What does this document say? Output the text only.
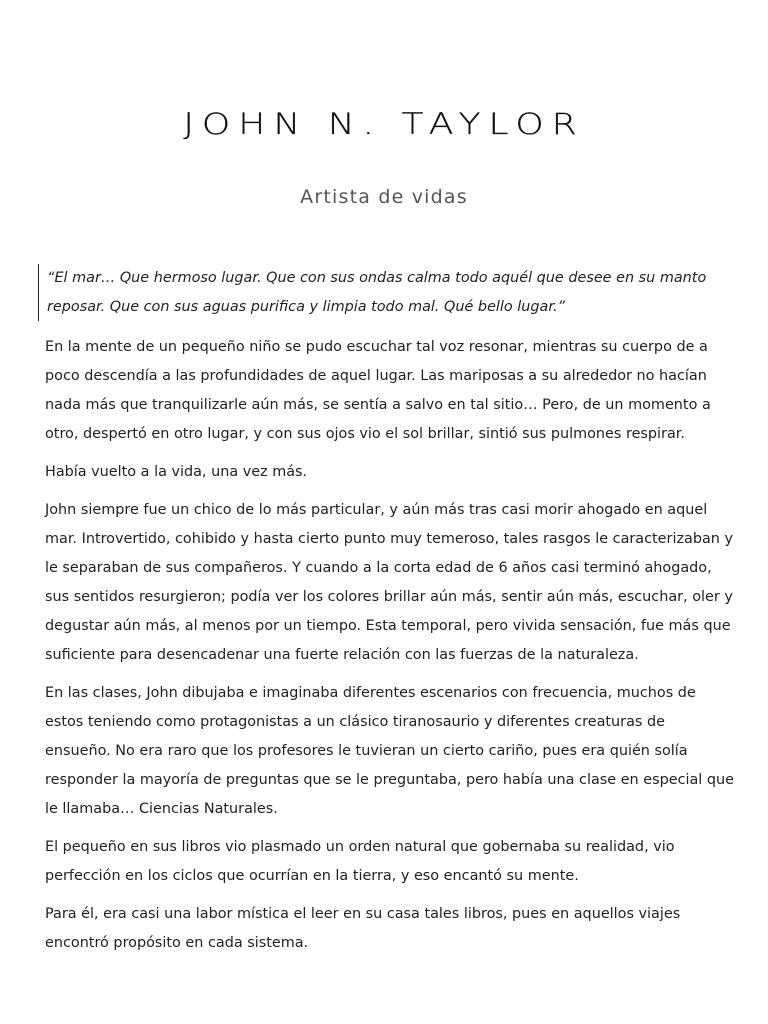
JOHN N. TAYLOR
Artista de vidas

“El mar… Que hermoso lugar. Que con sus ondas calma todo aquél que desee en su manto reposar. Que con sus aguas purifica y limpia todo mal. Qué bello lugar.”

En la mente de un pequeño niño se pudo escuchar tal voz resonar, mientras su cuerpo de a poco descendía a las profundidades de aquel lugar. Las mariposas a su alrededor no hacían nada más que tranquilizarle aún más, se sentía a salvo en tal sitio… Pero, de un momento a otro, despertó en otro lugar, y con sus ojos vio el sol brillar, sintió sus pulmones respirar.

Había vuelto a la vida, una vez más.

John siempre fue un chico de lo más particular, y aún más tras casi morir ahogado en aquel mar. Introvertido, cohibido y hasta cierto punto muy temeroso, tales rasgos le caracterizaban y le separaban de sus compañeros. Y cuando a la corta edad de 6 años casi terminó ahogado, sus sentidos resurgieron; podía ver los colores brillar aún más, sentir aún más, escuchar, oler y degustar aún más, al menos por un tiempo. Esta temporal, pero vivida sensación, fue más que suficiente para desencadenar una fuerte relación con las fuerzas de la naturaleza.

En las clases, John dibujaba e imaginaba diferentes escenarios con frecuencia, muchos de estos teniendo como protagonistas a un clásico tiranosaurio y diferentes creaturas de ensueño. No era raro que los profesores le tuvieran un cierto cariño, pues era quién solía responder la mayoría de preguntas que se le preguntaba, pero había una clase en especial que le llamaba… Ciencias Naturales.

El pequeño en sus libros vio plasmado un orden natural que gobernaba su realidad, vio perfección en los ciclos que ocurrían en la tierra, y eso encantó su mente.

Para él, era casi una labor mística el leer en su casa tales libros, pues en aquellos viajes encontró propósito en cada sistema.
